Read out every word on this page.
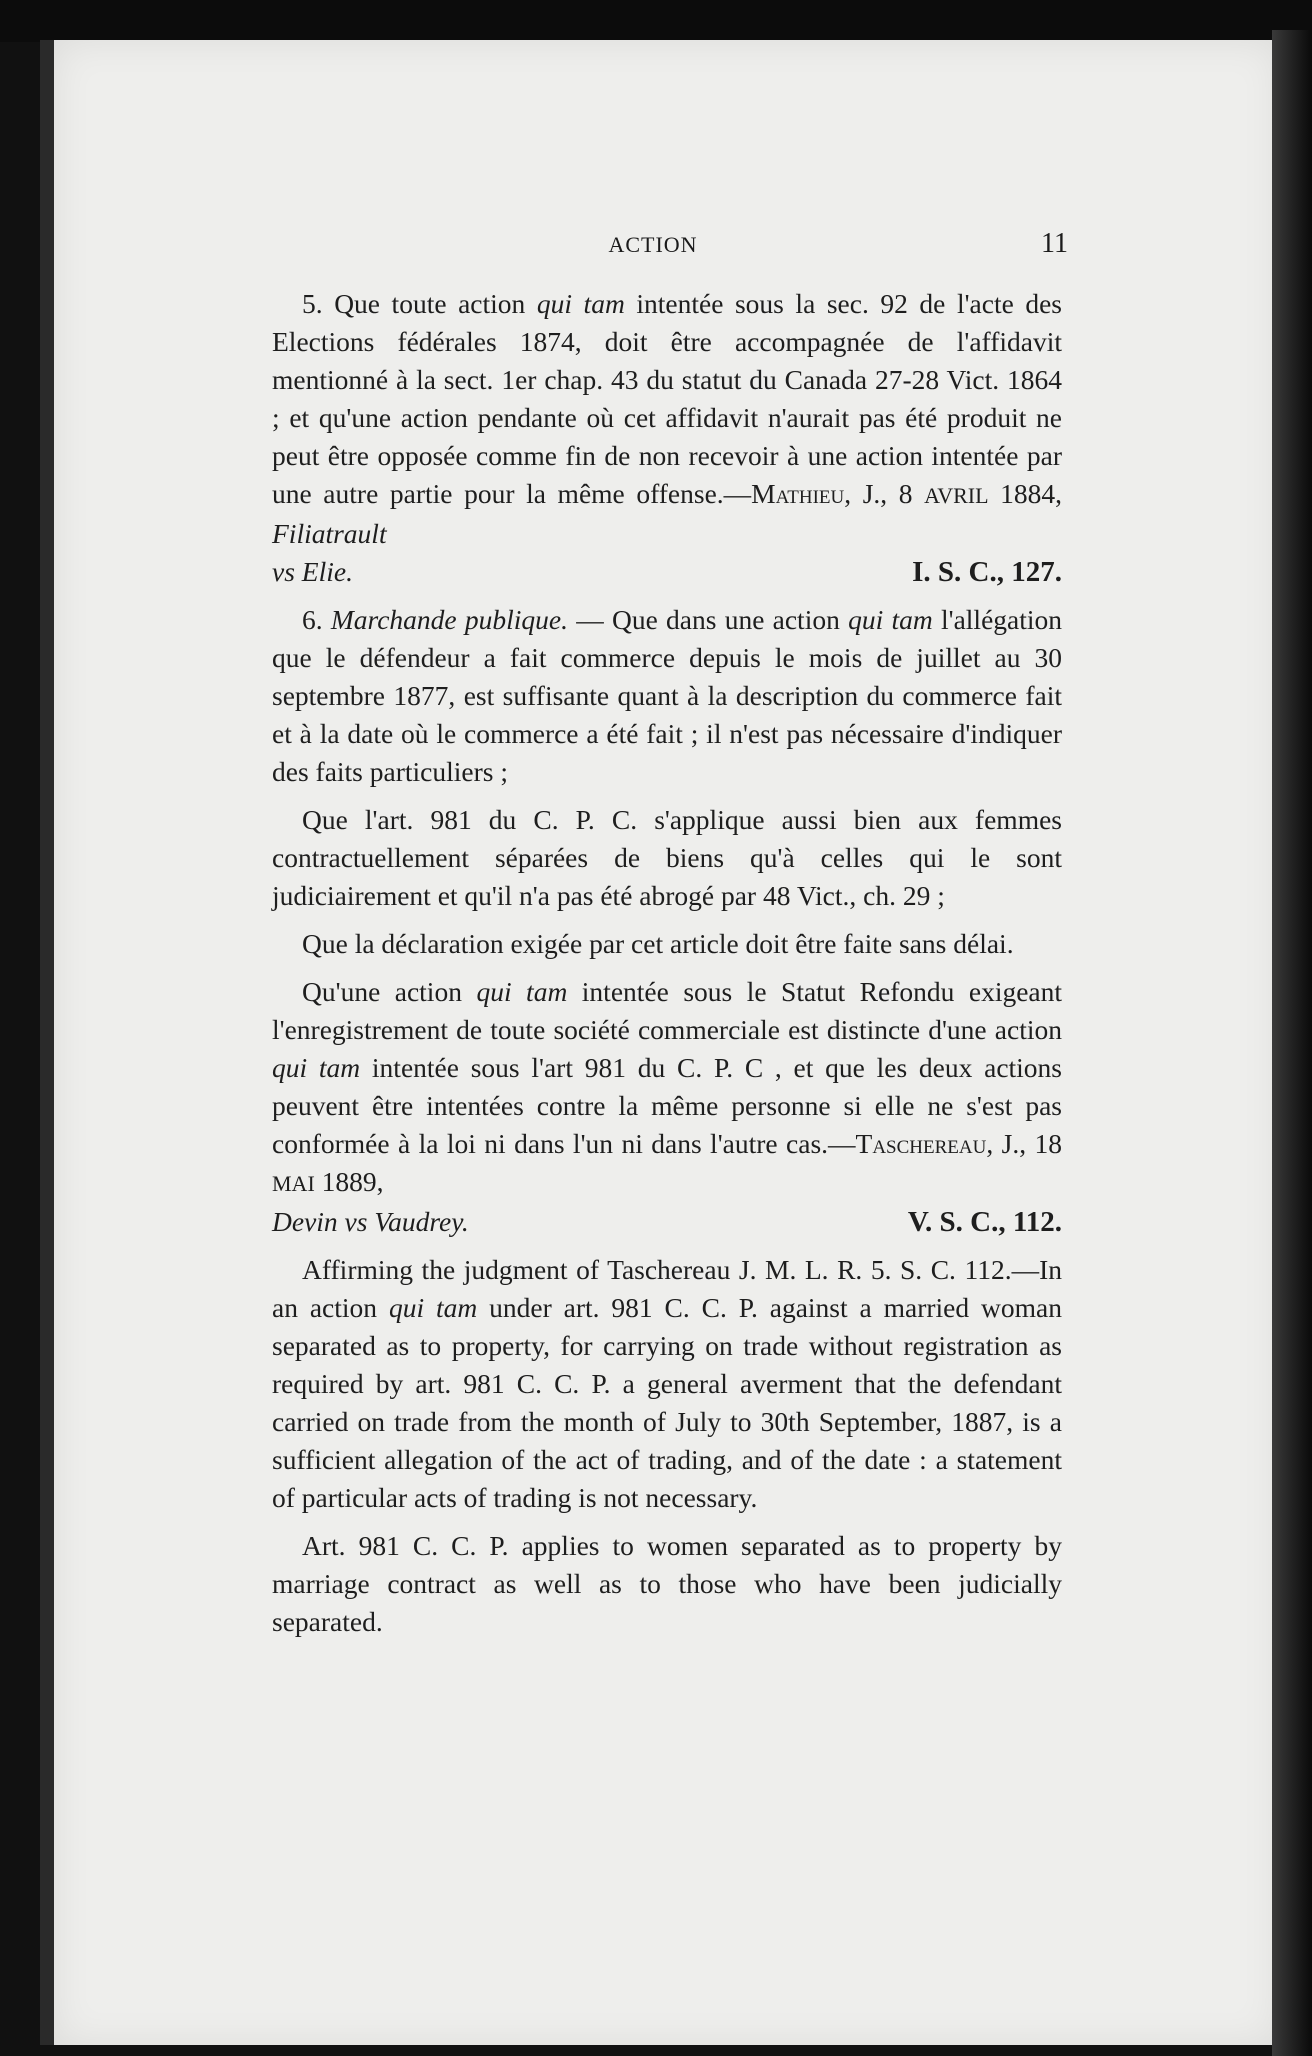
ACTION	11

5. Que toute action qui tam intentée sous la sec. 92 de l'acte des Elections fédérales 1874, doit être accompagnée de l'affidavit mentionné à la sect. 1er chap. 43 du statut du Canada 27-28 Vict. 1864 ; et qu'une action pendante où cet affidavit n'aurait pas été produit ne peut être opposée comme fin de non recevoir à une action intentée par une autre partie pour la même offense.—Mathieu, J., 8 AVRIL 1884, Filiatrault

vs Elie.	I. S. C., 127.

6. Marchande publique. — Que dans une action qui tam l'allégation que le défendeur a fait commerce depuis le mois de juillet au 30 septembre 1877, est suffisante quant à la description du commerce fait et à la date où le commerce a été fait ; il n'est pas nécessaire d'indiquer des faits particuliers ;

Que l'art. 981 du C. P. C. s'applique aussi bien aux femmes contractuellement séparées de biens qu'à celles qui le sont judiciairement et qu'il n'a pas été abrogé par 48 Vict., ch. 29 ;

Que la déclaration exigée par cet article doit être faite sans délai.

Qu'une action qui tam intentée sous le Statut Refondu exigeant l'enregistrement de toute société commerciale est distincte d'une action qui tam intentée sous l'art 981 du C. P. C , et que les deux actions peuvent être intentées contre la même personne si elle ne s'est pas conformée à la loi ni dans l'un ni dans l'autre cas.—Taschereau, J., 18 MAI 1889,

Devin vs Vaudrey.	V. S. C., 112.

Affirming the judgment of Taschereau J. M. L. R. 5. S. C. 112.—In an action qui tam under art. 981 C. C. P. against a married woman separated as to property, for carrying on trade without registration as required by art. 981 C. C. P. a general averment that the defendant carried on trade from the month of July to 30th September, 1887, is a sufficient allegation of the act of trading, and of the date : a statement of particular acts of trading is not necessary.

Art. 981 C. C. P. applies to women separated as to property by marriage contract as well as to those who have been judicially separated.
